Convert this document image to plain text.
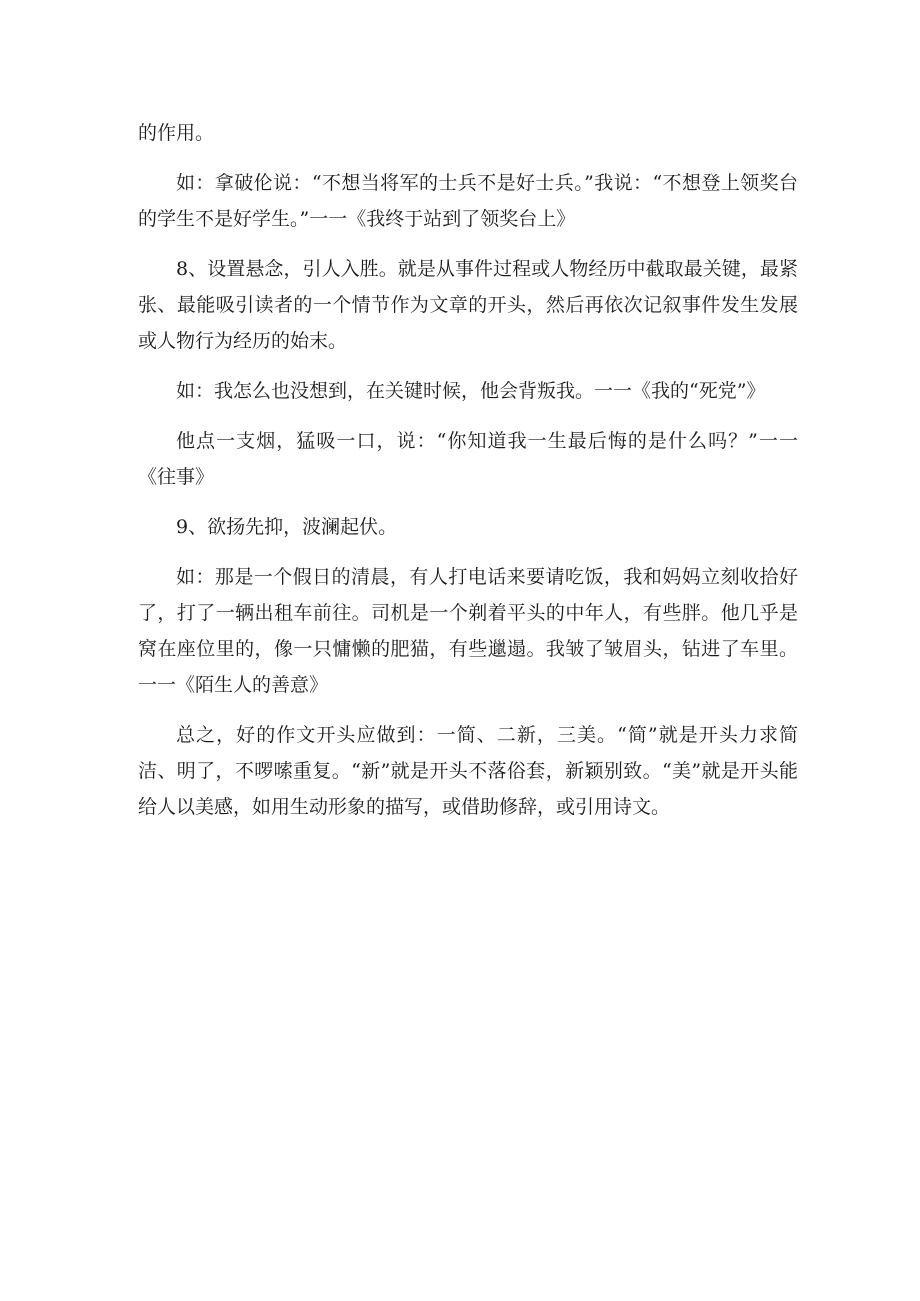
的作用。

如：拿破伦说：“不想当将军的士兵不是好士兵。”我说：“不想登上领奖台的学生不是好学生。”一一《我终于站到了领奖台上》

8、设置悬念，引人入胜。就是从事件过程或人物经历中截取最关键，最紧张、最能吸引读者的一个情节作为文章的开头，然后再依次记叙事件发生发展或人物行为经历的始末。

如：我怎么也没想到，在关键时候，他会背叛我。一一《我的“死党”》

他点一支烟，猛吸一口，说：“你知道我一生最后悔的是什么吗？”一一《往事》

9、欲扬先抑，波澜起伏。

如：那是一个假日的清晨，有人打电话来要请吃饭，我和妈妈立刻收拾好了，打了一辆出租车前往。司机是一个剃着平头的中年人，有些胖。他几乎是窝在座位里的，像一只慵懒的肥猫，有些邋遢。我皱了皱眉头，钻进了车里。一一《陌生人的善意》

总之，好的作文开头应做到：一简、二新，三美。“简”就是开头力求简洁、明了，不啰嗦重复。“新”就是开头不落俗套，新颖别致。“美”就是开头能给人以美感，如用生动形象的描写，或借助修辞，或引用诗文。
